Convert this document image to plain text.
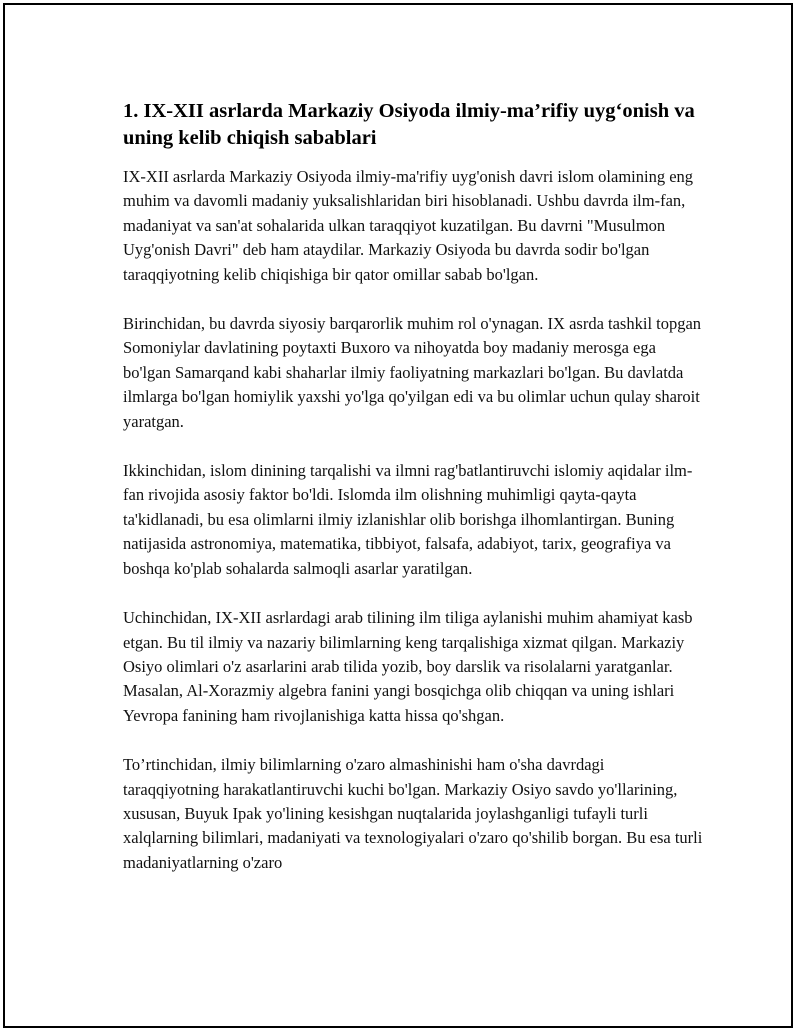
1. IX-XII asrlarda Markaziy Osiyoda ilmiy-ma’rifiy uyg‘onish va uning kelib chiqish sabablari

IX-XII asrlarda Markaziy Osiyoda ilmiy-ma'rifiy uyg'onish davri islom olamining eng muhim va davomli madaniy yuksalishlaridan biri hisoblanadi. Ushbu davrda ilm-fan, madaniyat va san'at sohalarida ulkan taraqqiyot kuzatilgan. Bu davrni "Musulmon Uyg'onish Davri" deb ham ataydilar. Markaziy Osiyoda bu davrda sodir bo'lgan taraqqiyotning kelib chiqishiga bir qator omillar sabab bo'lgan.

Birinchidan, bu davrda siyosiy barqarorlik muhim rol o'ynagan. IX asrda tashkil topgan Somoniylar davlatining poytaxti Buxoro va nihoyatda boy madaniy merosga ega bo'lgan Samarqand kabi shaharlar ilmiy faoliyatning markazlari bo'lgan. Bu davlatda ilmlarga bo'lgan homiylik yaxshi yo'lga qo'yilgan edi va bu olimlar uchun qulay sharoit yaratgan.

Ikkinchidan, islom dinining tarqalishi va ilmni rag'batlantiruvchi islomiy aqidalar ilm-fan rivojida asosiy faktor bo'ldi. Islomda ilm olishning muhimligi qayta-qayta ta'kidlanadi, bu esa olimlarni ilmiy izlanishlar olib borishga ilhomlantirgan. Buning natijasida astronomiya, matematika, tibbiyot, falsafa, adabiyot, tarix, geografiya va boshqa ko'plab sohalarda salmoqli asarlar yaratilgan.

Uchinchidan, IX-XII asrlardagi arab tilining ilm tiliga aylanishi muhim ahamiyat kasb etgan. Bu til ilmiy va nazariy bilimlarning keng tarqalishiga xizmat qilgan. Markaziy Osiyo olimlari o'z asarlarini arab tilida yozib, boy darslik va risolalarni yaratganlar. Masalan, Al-Xorazmiy algebra fanini yangi bosqichga olib chiqqan va uning ishlari Yevropa fanining ham rivojlanishiga katta hissa qo'shgan.

To’rtinchidan, ilmiy bilimlarning o'zaro almashinishi ham o'sha davrdagi taraqqiyotning harakatlantiruvchi kuchi bo'lgan. Markaziy Osiyo savdo yo'llarining, xususan, Buyuk Ipak yo'lining kesishgan nuqtalarida joylashganligi tufayli turli xalqlarning bilimlari, madaniyati va texnologiyalari o'zaro qo'shilib borgan. Bu esa turli madaniyatlarning o'zaro
